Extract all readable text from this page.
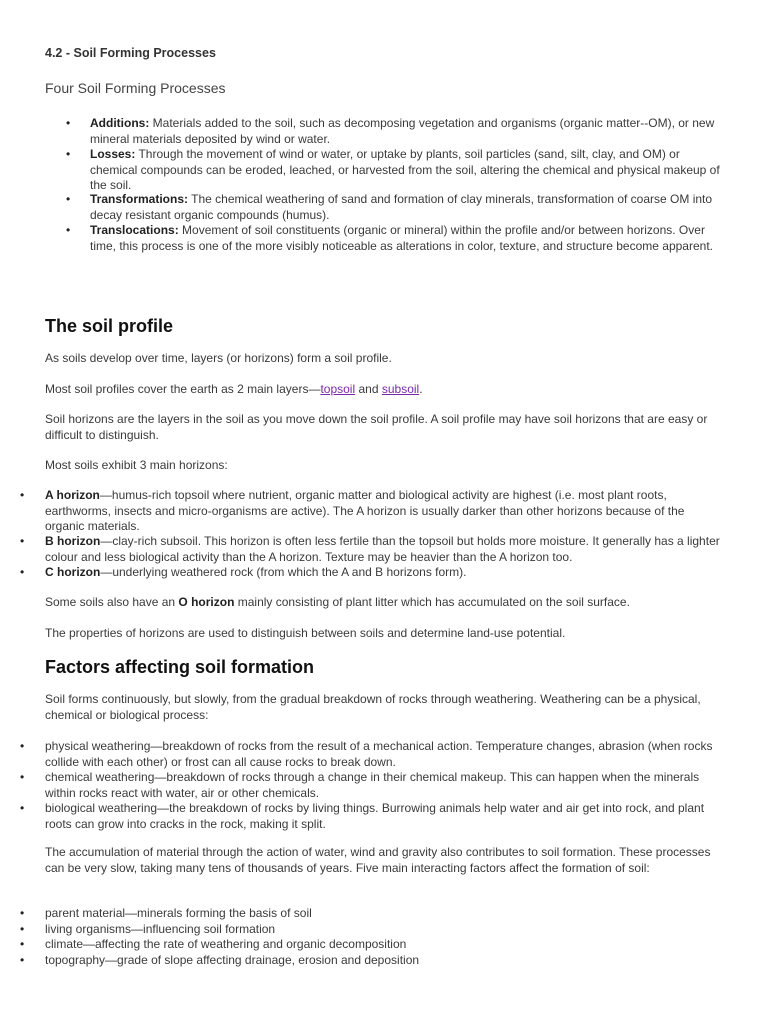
4.2 - Soil Forming Processes

Four Soil Forming Processes

• Additions: Materials added to the soil, such as decomposing vegetation and organisms (organic matter--OM), or new mineral materials deposited by wind or water.
• Losses: Through the movement of wind or water, or uptake by plants, soil particles (sand, silt, clay, and OM) or chemical compounds can be eroded, leached, or harvested from the soil, altering the chemical and physical makeup of the soil.
• Transformations: The chemical weathering of sand and formation of clay minerals, transformation of coarse OM into decay resistant organic compounds (humus).
• Translocations: Movement of soil constituents (organic or mineral) within the profile and/or between horizons. Over time, this process is one of the more visibly noticeable as alterations in color, texture, and structure become apparent.
The soil profile

As soils develop over time, layers (or horizons) form a soil profile.

Most soil profiles cover the earth as 2 main layers—topsoil and subsoil.

Soil horizons are the layers in the soil as you move down the soil profile. A soil profile may have soil horizons that are easy or difficult to distinguish.

Most soils exhibit 3 main horizons:

• A horizon—humus-rich topsoil where nutrient, organic matter and biological activity are highest (i.e. most plant roots, earthworms, insects and micro-organisms are active). The A horizon is usually darker than other horizons because of the organic materials.
• B horizon—clay-rich subsoil. This horizon is often less fertile than the topsoil but holds more moisture. It generally has a lighter colour and less biological activity than the A horizon. Texture may be heavier than the A horizon too.
• C horizon—underlying weathered rock (from which the A and B horizons form).

Some soils also have an O horizon mainly consisting of plant litter which has accumulated on the soil surface.

The properties of horizons are used to distinguish between soils and determine land-use potential.

Factors affecting soil formation

Soil forms continuously, but slowly, from the gradual breakdown of rocks through weathering. Weathering can be a physical, chemical or biological process:

• physical weathering—breakdown of rocks from the result of a mechanical action. Temperature changes, abrasion (when rocks collide with each other) or frost can all cause rocks to break down.
• chemical weathering—breakdown of rocks through a change in their chemical makeup. This can happen when the minerals within rocks react with water, air or other chemicals.
• biological weathering—the breakdown of rocks by living things. Burrowing animals help water and air get into rock, and plant roots can grow into cracks in the rock, making it split.

The accumulation of material through the action of water, wind and gravity also contributes to soil formation. These processes can be very slow, taking many tens of thousands of years. Five main interacting factors affect the formation of soil:

• parent material—minerals forming the basis of soil
• living organisms—influencing soil formation
• climate—affecting the rate of weathering and organic decomposition
• topography—grade of slope affecting drainage, erosion and deposition
